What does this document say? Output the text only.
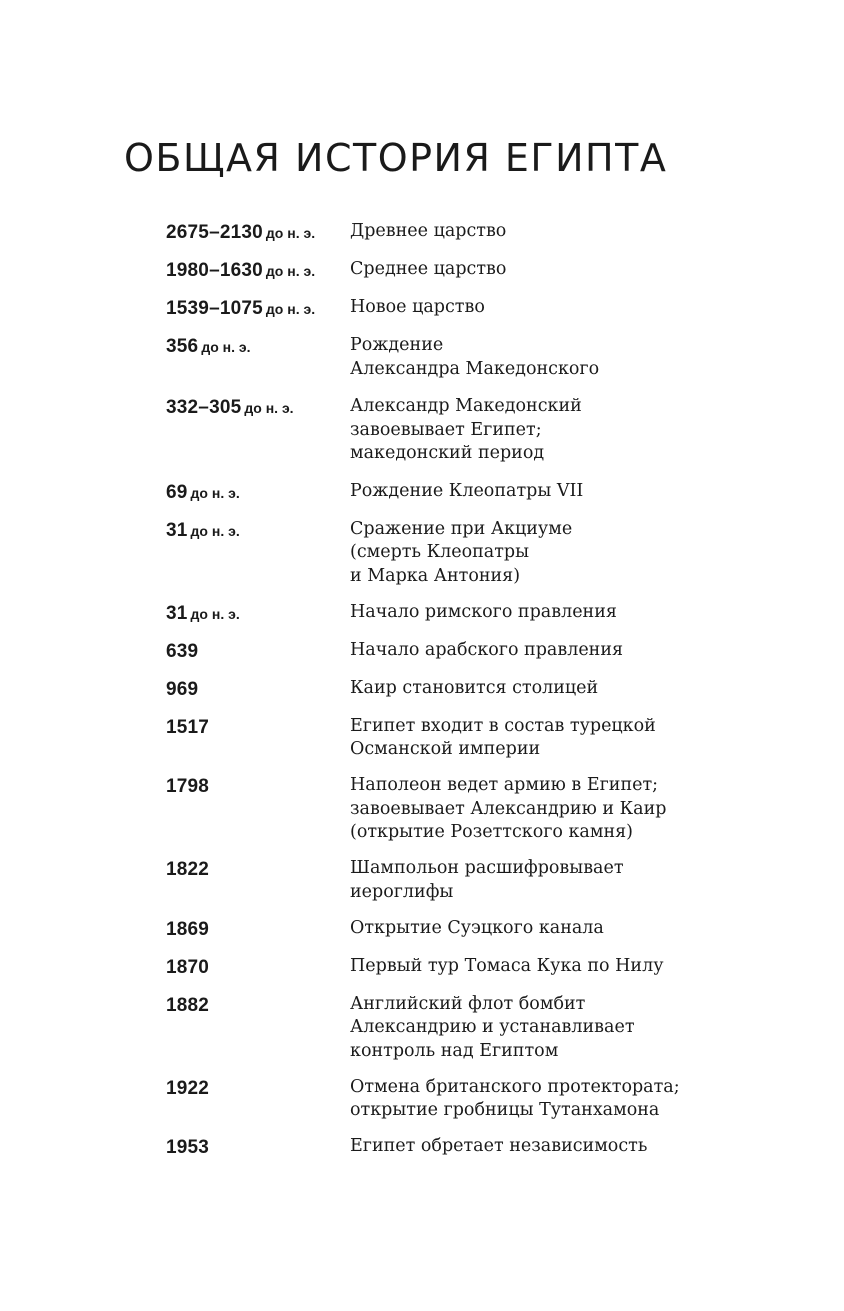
ОБЩАЯ ИСТОРИЯ ЕГИПТА
2675–2130 до н. э.	Древнее царство
1980–1630 до н. э.	Среднее царство
1539–1075 до н. э.	Новое царство
356 до н. э.	Рождение
Александра Македонского
332–305 до н. э.	Александр Македонский
завоевывает Египет;
македонский период
69 до н. э.	Рождение Клеопатры VII
31 до н. э.	Сражение при Акциуме
(смерть Клеопатры
и Марка Антония)
31 до н. э.	Начало римского правления
639	Начало арабского правления
969	Каир становится столицей
1517	Египет входит в состав турецкой
Османской империи
1798	Наполеон ведет армию в Египет;
завоевывает Александрию и Каир
(открытие Розеттского камня)
1822	Шампольон расшифровывает
иероглифы
1869	Открытие Суэцкого канала
1870	Первый тур Томаса Кука по Нилу
1882	Английский флот бомбит
Александрию и устанавливает
контроль над Египтом
1922	Отмена британского протектората;
открытие гробницы Тутанхамона
1953	Египет обретает независимость
